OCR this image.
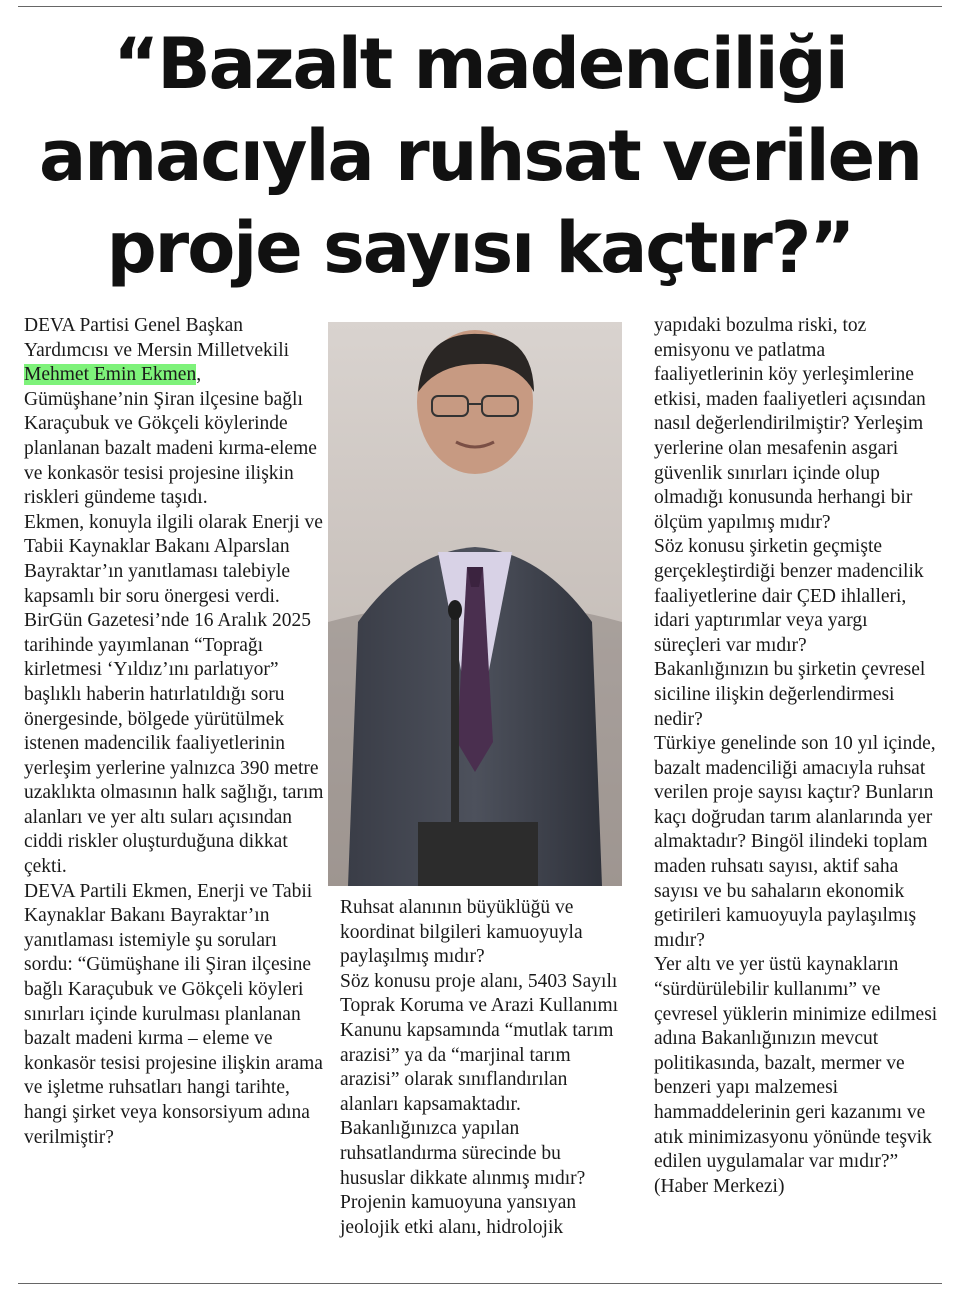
“Bazalt madenciliği
amacıyla ruhsat verilen
proje sayısı kaçtır?”

DEVA Partisi Genel Başkan Yardımcısı ve Mersin Milletvekili Mehmet Emin Ekmen, Gümüşhane’nin Şiran ilçesine bağlı Karaçubuk ve Gökçeli köylerinde planlanan bazalt madeni kırma-eleme ve konkasör tesisi projesine ilişkin riskleri gündeme taşıdı.

Ekmen, konuyla ilgili olarak Enerji ve Tabii Kaynaklar Bakanı Alparslan Bayraktar’ın yanıtlaması talebiyle kapsamlı bir soru önergesi verdi. BirGün Gazetesi’nde 16 Aralık 2025 tarihinde yayımlanan “Toprağı kirletmesi ‘Yıldız’ını parlatıyor” başlıklı haberin hatırlatıldığı soru önergesinde, bölgede yürütülmek istenen madencilik faaliyetlerinin yerleşim yerlerine yalnızca 390 metre uzaklıkta olmasının halk sağlığı, tarım alanları ve yer altı suları açısından ciddi riskler oluşturduğuna dikkat çekti.

DEVA Partili Ekmen, Enerji ve Tabii Kaynaklar Bakanı Bayraktar’ın yanıtlaması istemiyle şu soruları sordu: “Gümüşhane ili Şiran ilçesine bağlı Karaçubuk ve Gökçeli köyleri sınırları içinde kurulması planlanan bazalt madeni kırma – eleme ve konkasör tesisi projesine ilişkin arama ve işletme ruhsatları hangi tarihte, hangi şirket veya konsorsiyum adına verilmiştir?

Ruhsat alanının büyüklüğü ve koordinat bilgileri kamuoyuyla paylaşılmış mıdır?

Söz konusu proje alanı, 5403 Sayılı Toprak Koruma ve Arazi Kullanımı Kanunu kapsamında “mutlak tarım arazisi” ya da “marjinal tarım arazisi” olarak sınıflandırılan alanları kapsamaktadır. Bakanlığınızca yapılan ruhsatlandırma sürecinde bu hususlar dikkate alınmış mıdır?

Projenin kamuoyuna yansıyan jeolojik etki alanı, hidrolojik

yapıdaki bozulma riski, toz emisyonu ve patlatma faaliyetlerinin köy yerleşimlerine etkisi, maden faaliyetleri açısından nasıl değerlendirilmiştir? Yerleşim yerlerine olan mesafenin asgari güvenlik sınırları içinde olup olmadığı konusunda herhangi bir ölçüm yapılmış mıdır?

Söz konusu şirketin geçmişte gerçekleştirdiği benzer madencilik faaliyetlerine dair ÇED ihlalleri, idari yaptırımlar veya yargı süreçleri var mıdır?

Bakanlığınızın bu şirketin çevresel siciline ilişkin değerlendirmesi nedir?

Türkiye genelinde son 10 yıl içinde, bazalt madenciliği amacıyla ruhsat verilen proje sayısı kaçtır? Bunların kaçı doğrudan tarım alanlarında yer almaktadır? Bingöl ilindeki toplam maden ruhsatı sayısı, aktif saha sayısı ve bu sahaların ekonomik getirileri kamuoyuyla paylaşılmış mıdır?

Yer altı ve yer üstü kaynakların “sürdürülebilir kullanımı” ve çevresel yüklerin minimize edilmesi adına Bakanlığınızın mevcut politikasında, bazalt, mermer ve benzeri yapı malzemesi hammaddelerinin geri kazanımı ve atık minimizasyonu yönünde teşvik edilen uygulamalar var mıdır?”

(Haber Merkezi)
